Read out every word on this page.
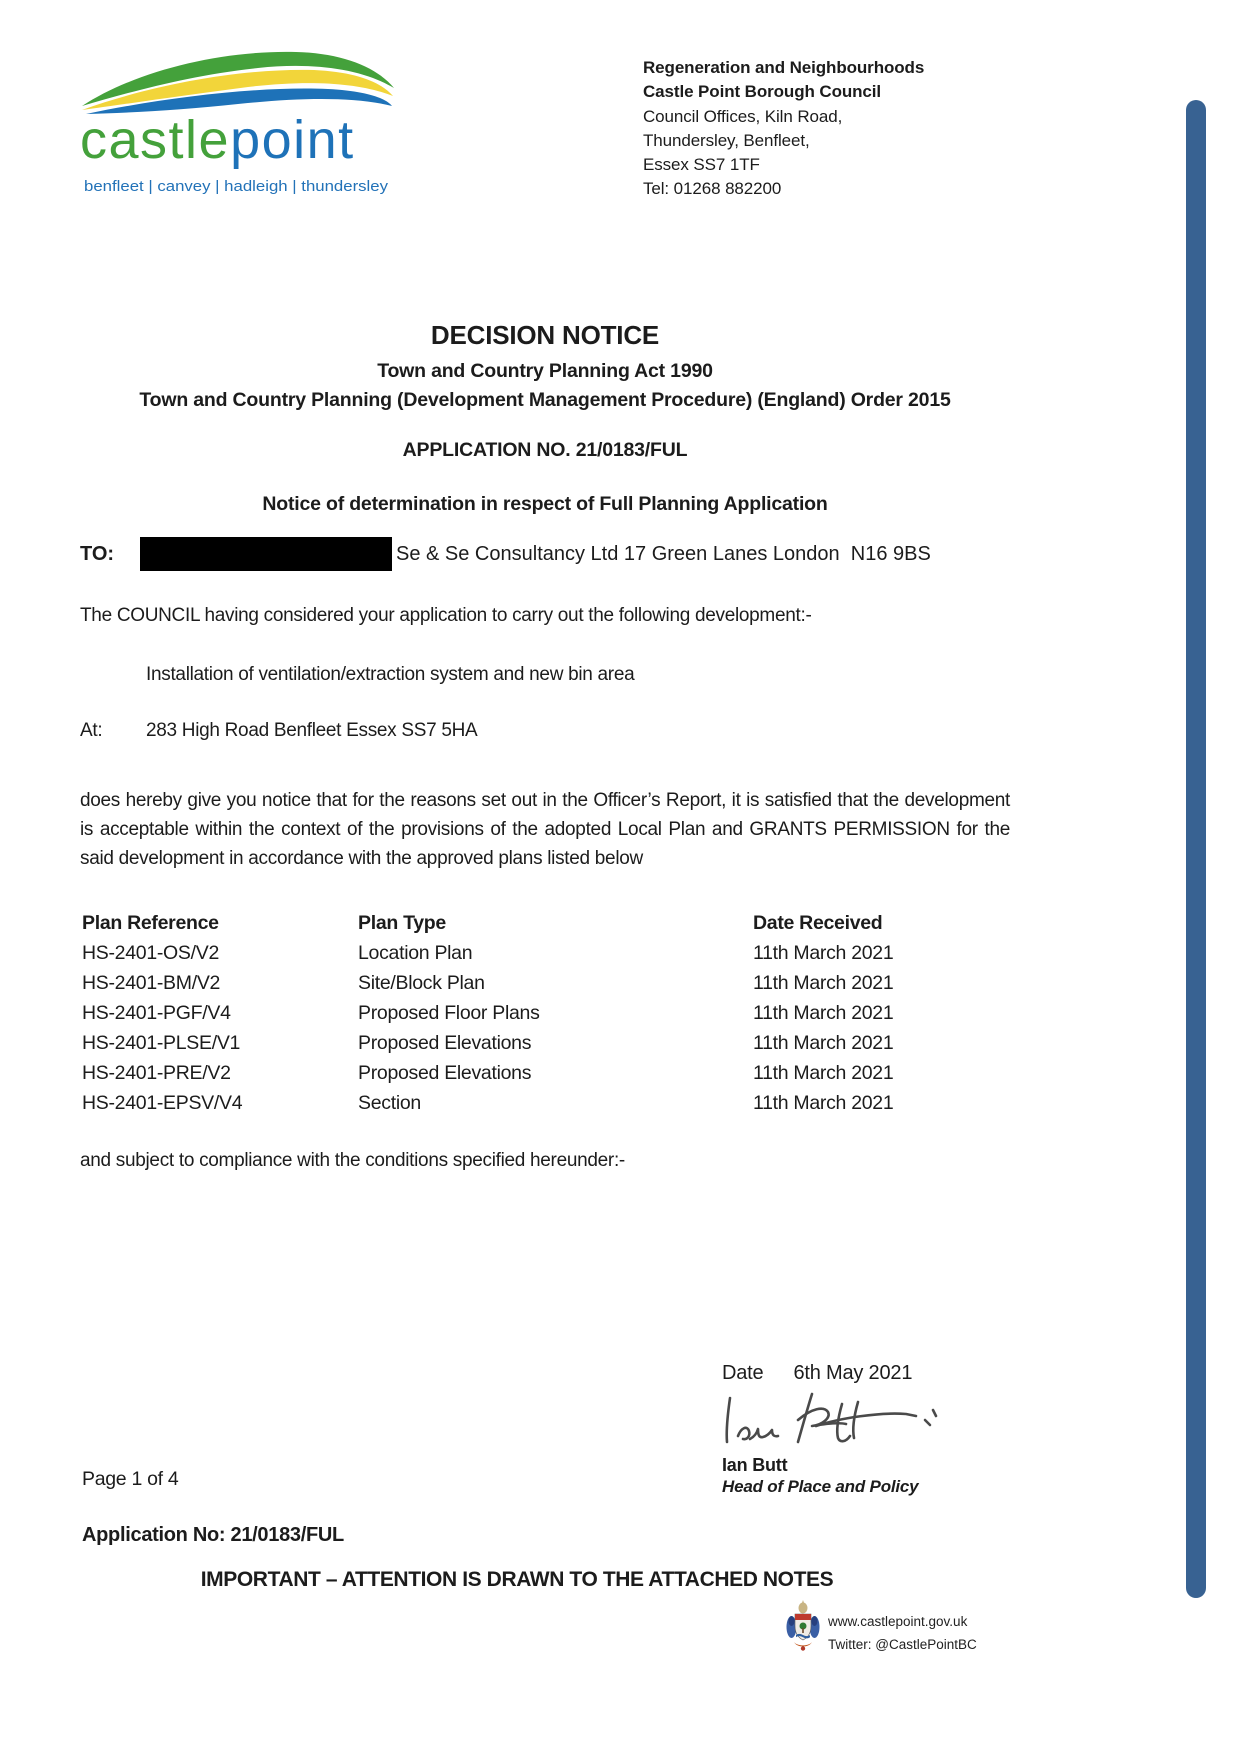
castlepoint
benfleet | canvey | hadleigh | thundersley
Regeneration and Neighbourhoods
Castle Point Borough Council
Council Offices, Kiln Road,
Thundersley, Benfleet,
Essex SS7 1TF
Tel: 01268 882200
DECISION NOTICE
Town and Country Planning Act 1990
Town and Country Planning (Development Management Procedure) (England) Order 2015
APPLICATION NO. 21/0183/FUL
Notice of determination in respect of Full Planning Application
TO:	Se & Se Consultancy Ltd 17 Green Lanes London  N16 9BS
The COUNCIL having considered your application to carry out the following development:-
Installation of ventilation/extraction system and new bin area
At:	283 High Road Benfleet Essex SS7 5HA
does hereby give you notice that for the reasons set out in the Officer’s Report, it is satisfied that the development is acceptable within the context of the provisions of the adopted Local Plan and GRANTS PERMISSION for the said development in accordance with the approved plans listed below
Plan Reference	Plan Type	Date Received
HS-2401-OS/V2	Location Plan	11th March 2021
HS-2401-BM/V2	Site/Block Plan	11th March 2021
HS-2401-PGF/V4	Proposed Floor Plans	11th March 2021
HS-2401-PLSE/V1	Proposed Elevations	11th March 2021
HS-2401-PRE/V2	Proposed Elevations	11th March 2021
HS-2401-EPSV/V4	Section	11th March 2021
and subject to compliance with the conditions specified hereunder:-
Date 6th May 2021
Ian Butt
Head of Place and Policy
Page 1 of 4
Application No: 21/0183/FUL
IMPORTANT – ATTENTION IS DRAWN TO THE ATTACHED NOTES
www.castlepoint.gov.uk
Twitter: @CastlePointBC
